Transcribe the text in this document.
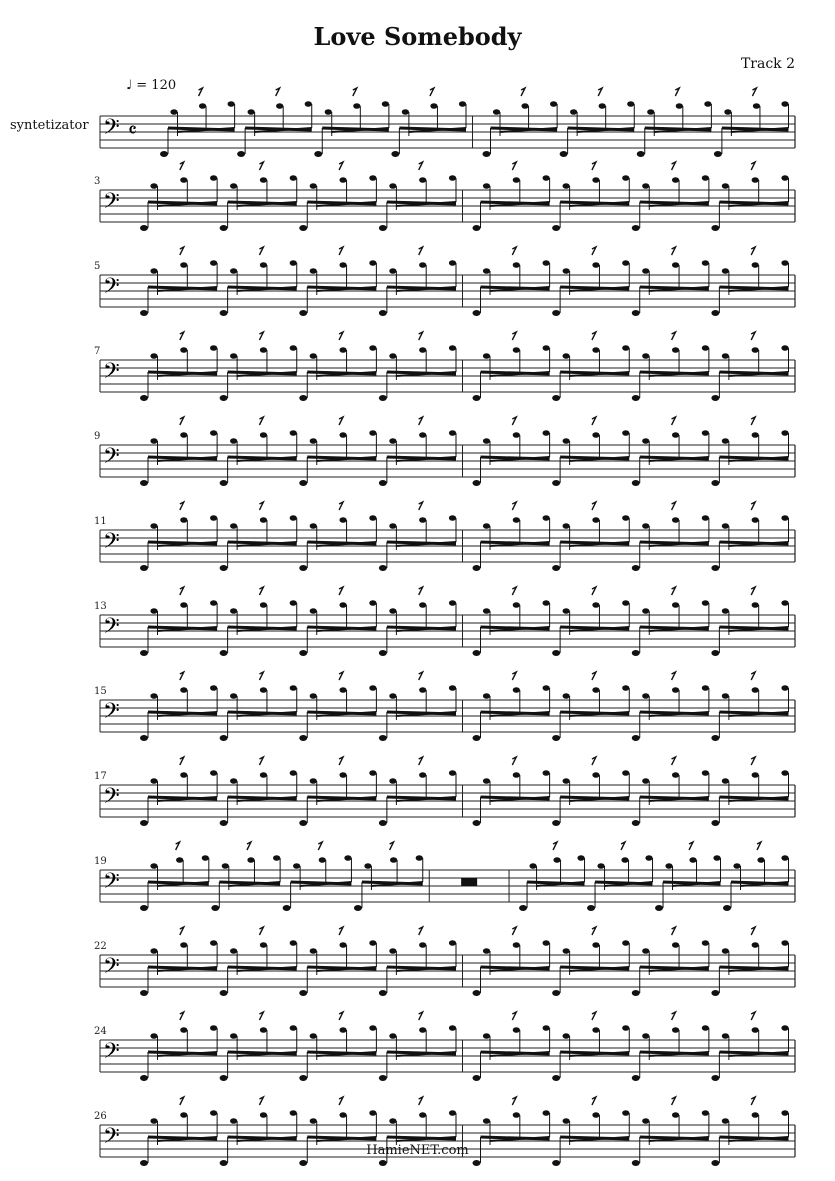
Love Somebody
Track 2
♩ = 120
syntetizator 𝄢 𝄴
𝄢
3
𝄢
5
𝄢
7
𝄢
9
𝄢
11
𝄢
13
𝄢
15
𝄢
17
𝄢
19
𝄢
22
𝄢
24
𝄢
26
HamieNET.com
